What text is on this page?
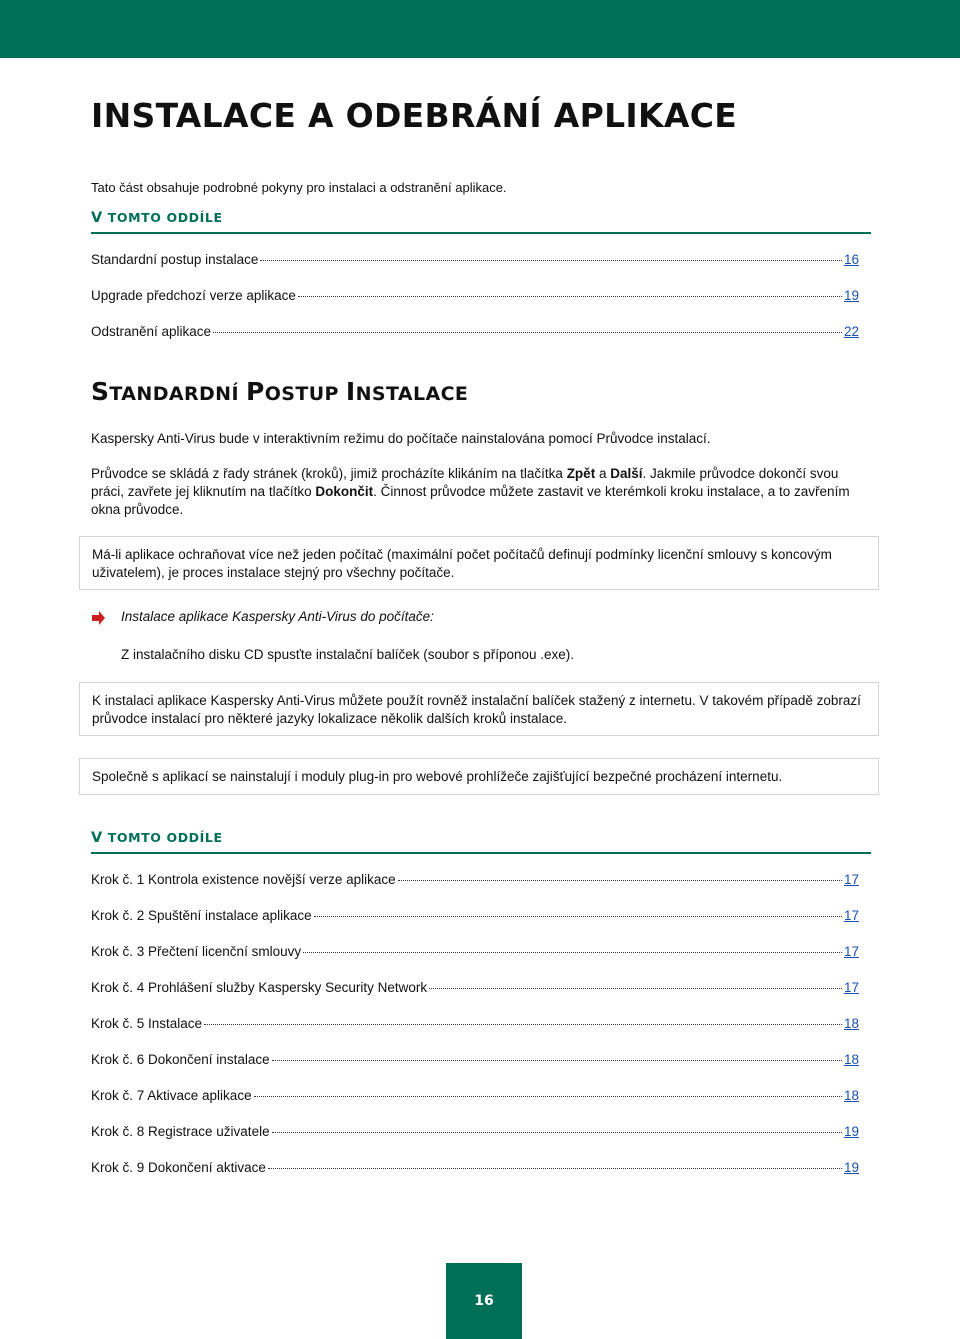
INSTALACE A ODEBRÁNÍ APLIKACE
Tato část obsahuje podrobné pokyny pro instalaci a odstranění aplikace.
V TOMTO ODDÍLE
Standardní postup instalace	16
Upgrade předchozí verze aplikace	19
Odstranění aplikace	22
STANDARDNÍ POSTUP INSTALACE

Kaspersky Anti-Virus bude v interaktivním režimu do počítače nainstalována pomocí Průvodce instalací.

Průvodce se skládá z řady stránek (kroků), jimiž procházíte klikáním na tlačítka Zpět a Další. Jakmile průvodce dokončí svou práci, zavřete jej kliknutím na tlačítko Dokončit. Činnost průvodce můžete zastavit ve kterémkoli kroku instalace, a to zavřením okna průvodce.

Má-li aplikace ochraňovat více než jeden počítač (maximální počet počítačů definují podmínky licenční smlouvy s koncovým uživatelem), je proces instalace stejný pro všechny počítače.
Instalace aplikace Kaspersky Anti-Virus do počítače:
Z instalačního disku CD spusťte instalační balíček (soubor s příponou .exe).
K instalaci aplikace Kaspersky Anti-Virus můžete použít rovněž instalační balíček stažený z internetu. V takovém případě zobrazí průvodce instalací pro některé jazyky lokalizace několik dalších kroků instalace.
Společně s aplikací se nainstalují i moduly plug-in pro webové prohlížeče zajišťující bezpečné procházení internetu.
V TOMTO ODDÍLE
Krok č. 1 Kontrola existence novější verze aplikace	17
Krok č. 2 Spuštění instalace aplikace	17
Krok č. 3 Přečtení licenční smlouvy	17
Krok č. 4 Prohlášení služby Kaspersky Security Network	17
Krok č. 5 Instalace	18
Krok č. 6 Dokončení instalace	18
Krok č. 7 Aktivace aplikace	18
Krok č. 8 Registrace uživatele	19
Krok č. 9 Dokončení aktivace	19
16
